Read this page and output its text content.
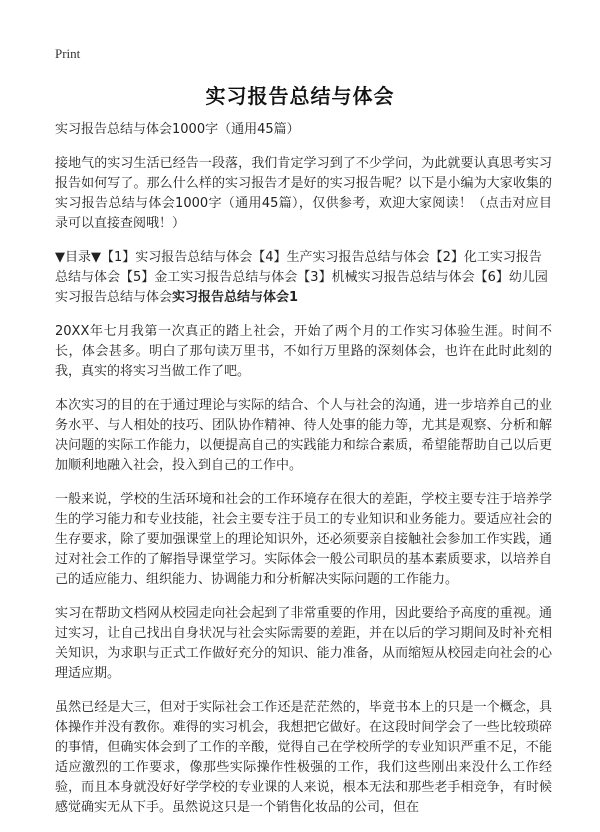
Print
实习报告总结与体会
实习报告总结与体会1000字（通用45篇）

接地气的实习生活已经告一段落，我们肯定学习到了不少学问，为此就要认真思考实习报告如何写了。那么什么样的实习报告才是好的实习报告呢？以下是小编为大家收集的实习报告总结与体会1000字（通用45篇），仅供参考，欢迎大家阅读！（点击对应目录可以直接查阅哦！）

▼目录▼【1】实习报告总结与体会【4】生产实习报告总结与体会【2】化工实习报告总结与体会【5】金工实习报告总结与体会【3】机械实习报告总结与体会【6】幼儿园实习报告总结与体会实习报告总结与体会1

20XX年七月我第一次真正的踏上社会，开始了两个月的工作实习体验生涯。时间不长，体会甚多。明白了那句读万里书，不如行万里路的深刻体会，也许在此时此刻的我，真实的将实习当做工作了吧。

本次实习的目的在于通过理论与实际的结合、个人与社会的沟通，进一步培养自己的业务水平、与人相处的技巧、团队协作精神、待人处事的能力等，尤其是观察、分析和解决问题的实际工作能力，以便提高自己的实践能力和综合素质，希望能帮助自己以后更加顺利地融入社会，投入到自己的工作中。

一般来说，学校的生活环境和社会的工作环境存在很大的差距，学校主要专注于培养学生的学习能力和专业技能，社会主要专注于员工的专业知识和业务能力。要适应社会的生存要求，除了要加强课堂上的理论知识外，还必须要亲自接触社会参加工作实践，通过对社会工作的了解指导课堂学习。实际体会一般公司职员的基本素质要求，以培养自己的适应能力、组织能力、协调能力和分析解决实际问题的工作能力。

实习在帮助文档网从校园走向社会起到了非常重要的作用，因此要给予高度的重视。通过实习，让自己找出自身状况与社会实际需要的差距，并在以后的学习期间及时补充相关知识，为求职与正式工作做好充分的知识、能力准备，从而缩短从校园走向社会的心理适应期。

虽然已经是大三，但对于实际社会工作还是茫茫然的，毕竟书本上的只是一个概念，具体操作并没有教你。难得的实习机会，我想把它做好。在这段时间学会了一些比较琐碎的事情，但确实体会到了工作的辛酸，觉得自己在学校所学的专业知识严重不足，不能适应激烈的工作要求，像那些实际操作性极强的工作，我们这些刚出来没什么工作经验，而且本身就没好好学学校的专业课的人来说，根本无法和那些老手相竞争，有时候感觉确实无从下手。虽然说这只是一个销售化妆品的公司，但在
